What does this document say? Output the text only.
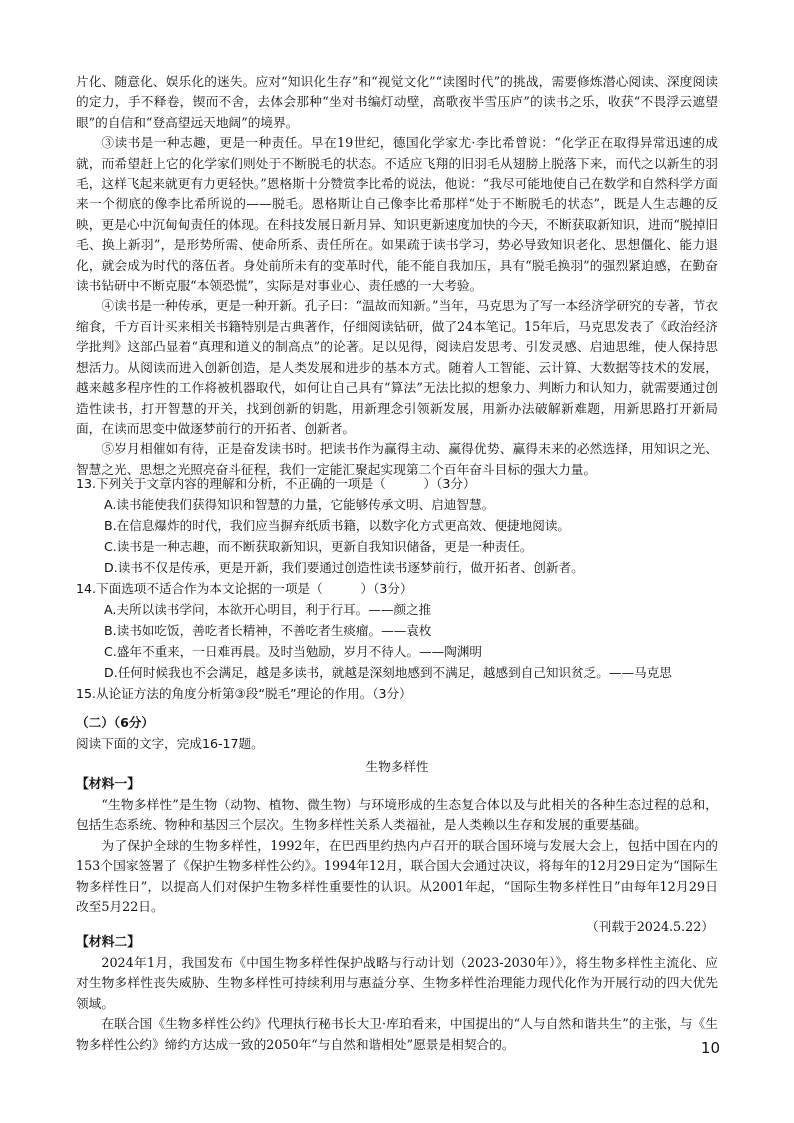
片化、随意化、娱乐化的迷失。应对“知识化生存”和“视觉文化”“读图时代”的挑战，需要修炼潜心阅读、深度阅读的定力，手不释卷，锲而不舍，去体会那种“坐对书编灯动壁，高歌夜半雪压庐”的读书之乐，收获“不畏浮云遮望眼”的自信和“登高望远天地阔”的境界。

③读书是一种志趣，更是一种责任。早在19世纪，德国化学家尤·李比希曾说：“化学正在取得异常迅速的成就，而希望赶上它的化学家们则处于不断脱毛的状态。不适应飞翔的旧羽毛从翅膀上脱落下来，而代之以新生的羽毛，这样飞起来就更有力更轻快。”恩格斯十分赞赏李比希的说法，他说：“我尽可能地使自己在数学和自然科学方面来一个彻底的像李比希所说的——脱毛。恩格斯让自己像李比希那样“处于不断脱毛的状态”，既是人生志趣的反映，更是心中沉甸甸责任的体现。在科技发展日新月异、知识更新速度加快的今天，不断获取新知识，进而“脱掉旧毛、换上新羽”，是形势所需、使命所系、责任所在。如果疏于读书学习，势必导致知识老化、思想僵化、能力退化，就会成为时代的落伍者。身处前所未有的变革时代，能不能自我加压，具有“脱毛换羽”的强烈紧迫感，在勤奋读书钻研中不断克服“本领恐慌”，实际是对事业心、责任感的一大考验。

④读书是一种传承，更是一种开新。孔子曰：“温故而知新。”当年，马克思为了写一本经济学研究的专著，节衣缩食，千方百计买来相关书籍特别是古典著作，仔细阅读钻研，做了24本笔记。15年后，马克思发表了《政治经济学批判》这部凸显着“真理和道义的制高点”的论著。足以见得，阅读启发思考、引发灵感、启迪思维，使人保持思想活力。从阅读而进入创新创造，是人类发展和进步的基本方式。随着人工智能、云计算、大数据等技术的发展，越来越多程序性的工作将被机器取代，如何让自己具有“算法”无法比拟的想象力、判断力和认知力，就需要通过创造性读书，打开智慧的开关，找到创新的钥匙，用新理念引领新发展，用新办法破解新难题，用新思路打开新局面，在读而思变中做逐梦前行的开拓者、创新者。

⑤岁月相催如有待，正是奋发读书时。把读书作为赢得主动、赢得优势、赢得未来的必然选择，用知识之光、智慧之光、思想之光照亮奋斗征程，我们一定能汇聚起实现第二个百年奋斗目标的强大力量。

13.下列关于文章内容的理解和分析，不正确的一项是（　　　）（3分）

A.读书能使我们获得知识和智慧的力量，它能够传承文明、启迪智慧。

B.在信息爆炸的时代，我们应当摒弃纸质书籍，以数字化方式更高效、便捷地阅读。

C.读书是一种志趣，而不断获取新知识，更新自我知识储备，更是一种责任。

D.读书不仅是传承，更是开新，我们要通过创造性读书逐梦前行，做开拓者、创新者。

14.下面选项不适合作为本文论据的一项是（　　　）（3分）

A.夫所以读书学问，本欲开心明目，利于行耳。——颜之推

B.读书如吃饭，善吃者长精神，不善吃者生痰瘤。——袁枚

C.盛年不重来，一日难再晨。及时当勉励，岁月不待人。——陶渊明

D.任何时候我也不会满足，越是多读书，就越是深刻地感到不满足，越感到自己知识贫乏。——马克思

15.从论证方法的角度分析第③段“脱毛”理论的作用。（3分）

（二）（6分）

阅读下面的文字，完成16-17题。

生物多样性

【材料一】

“生物多样性”是生物（动物、植物、微生物）与环境形成的生态复合体以及与此相关的各种生态过程的总和，包括生态系统、物种和基因三个层次。生物多样性关系人类福祉，是人类赖以生存和发展的重要基础。

为了保护全球的生物多样性，1992年，在巴西里约热内卢召开的联合国环境与发展大会上，包括中国在内的153个国家签署了《保护生物多样性公约》。1994年12月，联合国大会通过决议，将每年的12月29日定为“国际生物多样性日”，以提高人们对保护生物多样性重要性的认识。从2001年起，“国际生物多样性日”由每年12月29日改至5月22日。

（刊载于2024.5.22）

【材料二】

2024年1月，我国发布《中国生物多样性保护战略与行动计划（2023-2030年）》，将生物多样性主流化、应对生物多样性丧失威胁、生物多样性可持续利用与惠益分享、生物多样性治理能力现代化作为开展行动的四大优先领域。

在联合国《生物多样性公约》代理执行秘书长大卫·库珀看来，中国提出的“人与自然和谐共生”的主张，与《生物多样性公约》缔约方达成一致的2050年“与自然和谐相处”愿景是相契合的。	10
